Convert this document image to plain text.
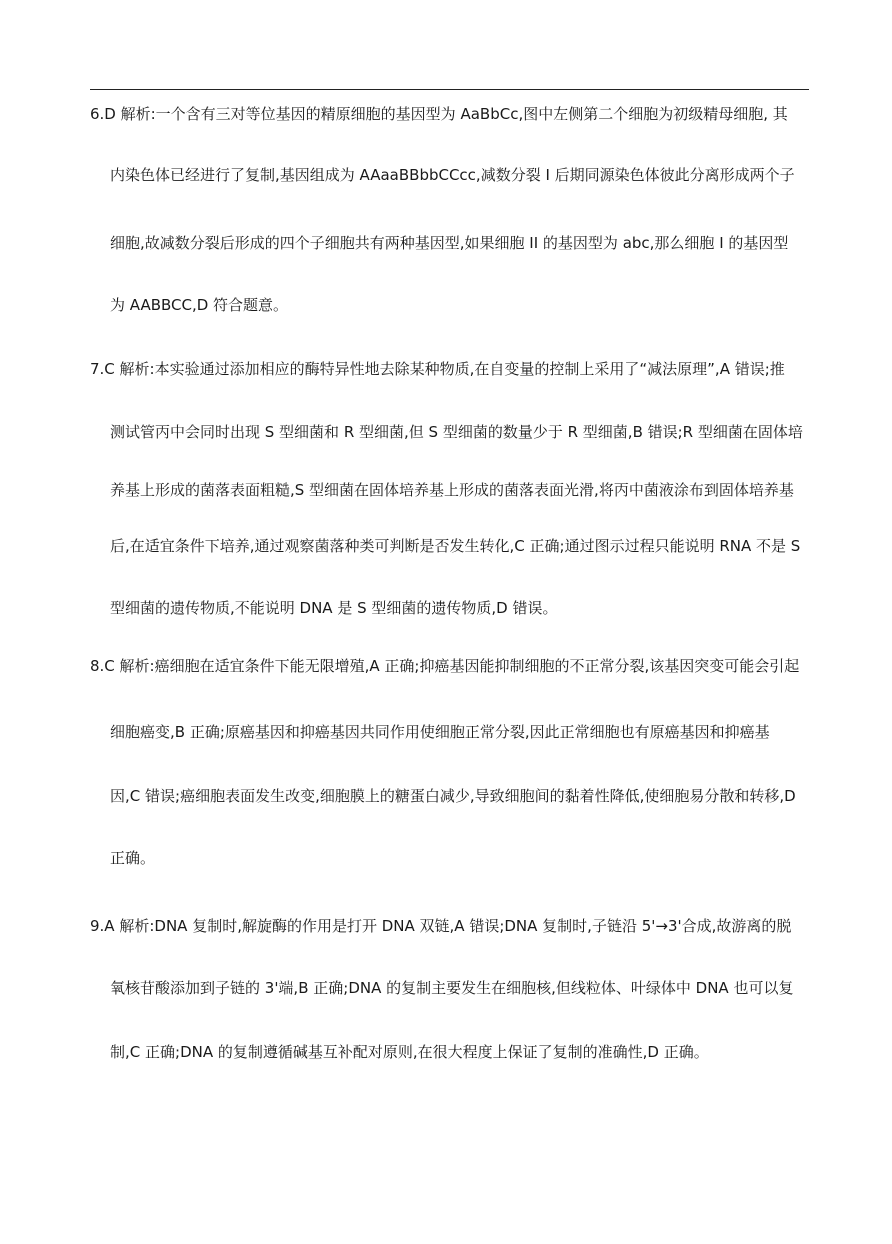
6.D 解析:一个含有三对等位基因的精原细胞的基因型为 AaBbCc,图中左侧第二个细胞为初级精母细胞, 其

内染色体已经进行了复制,基因组成为 AAaaBBbbCCcc,减数分裂 I 后期同源染色体彼此分离形成两个子

细胞,故减数分裂后形成的四个子细胞共有两种基因型,如果细胞 II 的基因型为 abc,那么细胞 I 的基因型

为 AABBCC,D 符合题意。

7.C 解析:本实验通过添加相应的酶特异性地去除某种物质,在自变量的控制上采用了“减法原理”,A 错误;推

测试管丙中会同时出现 S 型细菌和 R 型细菌,但 S 型细菌的数量少于 R 型细菌,B 错误;R 型细菌在固体培

养基上形成的菌落表面粗糙,S 型细菌在固体培养基上形成的菌落表面光滑,将丙中菌液涂布到固体培养基

后,在适宜条件下培养,通过观察菌落种类可判断是否发生转化,C 正确;通过图示过程只能说明 RNA 不是 S

型细菌的遗传物质,不能说明 DNA 是 S 型细菌的遗传物质,D 错误。

8.C 解析:癌细胞在适宜条件下能无限增殖,A 正确;抑癌基因能抑制细胞的不正常分裂,该基因突变可能会引起

细胞癌变,B 正确;原癌基因和抑癌基因共同作用使细胞正常分裂,因此正常细胞也有原癌基因和抑癌基

因,C 错误;癌细胞表面发生改变,细胞膜上的糖蛋白减少,导致细胞间的黏着性降低,使细胞易分散和转移,D

正确。

9.A 解析:DNA 复制时,解旋酶的作用是打开 DNA 双链,A 错误;DNA 复制时,子链沿 5'→3'合成,故游离的脱

氧核苷酸添加到子链的 3'端,B 正确;DNA 的复制主要发生在细胞核,但线粒体、叶绿体中 DNA 也可以复

制,C 正确;DNA 的复制遵循碱基互补配对原则,在很大程度上保证了复制的准确性,D 正确。
